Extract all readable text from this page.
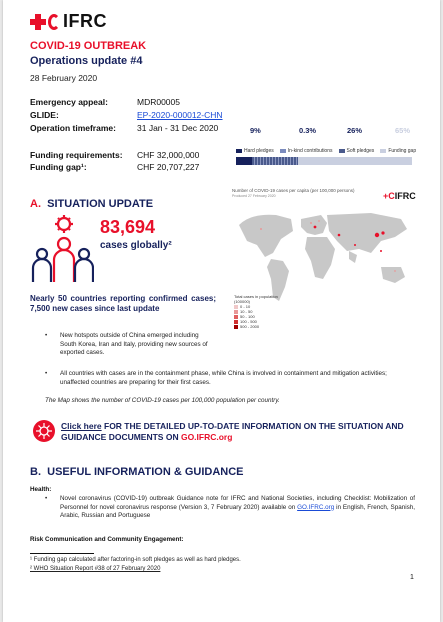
IFRC
COVID-19 OUTBREAK
Operations update #4
28 February 2020
Emergency appeal:	MDR00005
GLIDE:	EP-2020-000012-CHN
Operation timeframe: 31 Jan - 31 Dec 2020
Funding requirements: CHF 32,000,000
Funding gap¹:	CHF 20,707,227
9%	0.3%	26%	65%
Hard pledges	In-kind contributions	Soft pledges	Funding gap
A. SITUATION UPDATE
83,694
cases globally²
Nearly 50 countries reporting confirmed cases; 7,500 new cases since last update
Number of COVID-19 cases per capita (per 100,000 persons)
Produced 27 February 2020	+CIFRC
Total cases in population (100000)
0 - 10
10 - 50
50 - 100
100 - 500
500 - 2000
• New hotspots outside of China emerged including South Korea, Iran and Italy, providing new sources of exported cases.
• All countries with cases are in the containment phase, while China is involved in containment and mitigation activities; unaffected countries are preparing for their first cases.
The Map shows the number of COVID-19 cases per 100,000 population per country.
Click here FOR THE DETAILED UP-TO-DATE INFORMATION ON THE SITUATION AND GUIDANCE DOCUMENTS ON GO.IFRC.org
B. USEFUL INFORMATION & GUIDANCE
Health:
• Novel coronavirus (COVID-19) outbreak Guidance note for IFRC and National Societies, including Checklist: Mobilization of Personnel for novel coronavirus response (Version 3, 7 February 2020) available on GO.IFRC.org in English, French, Spanish, Arabic, Russian and Portuguese
Risk Communication and Community Engagement:
¹ Funding gap calculated after factoring-in soft pledges as well as hard pledges.
² WHO Situation Report #38 of 27 February 2020
1
